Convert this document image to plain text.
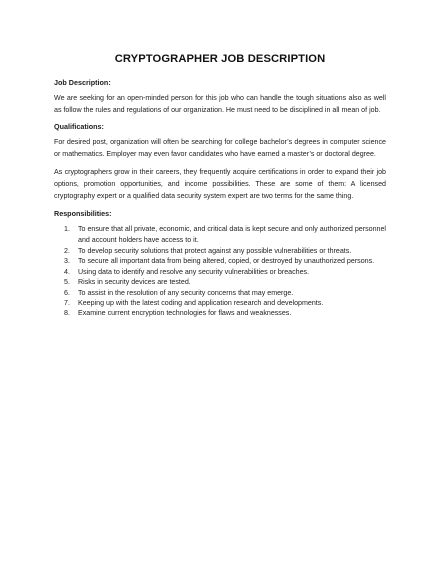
CRYPTOGRAPHER JOB DESCRIPTION
Job Description:
We are seeking for an open-minded person for this job who can handle the tough situations also as well as follow the rules and regulations of our organization. He must need to be disciplined in all mean of job.
Qualifications:
For desired post, organization will often be searching for college bachelor’s degrees in computer science or mathematics. Employer may even favor candidates who have earned a master’s or doctoral degree.
As cryptographers grow in their careers, they frequently acquire certifications in order to expand their job options, promotion opportunities, and income possibilities. These are some of them: A licensed cryptography expert or a qualified data security system expert are two terms for the same thing.
Responsibilities:
1. To ensure that all private, economic, and critical data is kept secure and only authorized personnel and account holders have access to it.
2. To develop security solutions that protect against any possible vulnerabilities or threats.
3. To secure all important data from being altered, copied, or destroyed by unauthorized persons.
4. Using data to identify and resolve any security vulnerabilities or breaches.
5. Risks in security devices are tested.
6. To assist in the resolution of any security concerns that may emerge.
7. Keeping up with the latest coding and application research and developments.
8. Examine current encryption technologies for flaws and weaknesses.
